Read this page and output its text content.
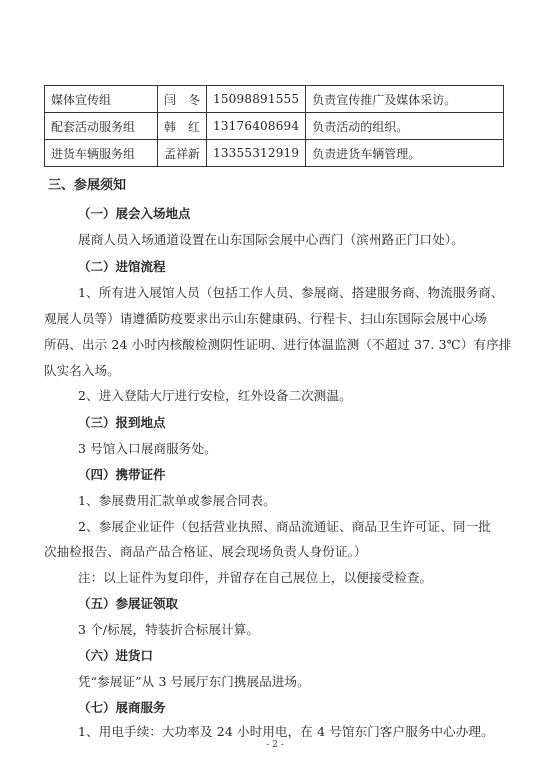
媒体宣传组	闫　冬	15098891555	负责宣传推广及媒体采访。
配套活动服务组	韩　红	13176408694	负责活动的组织。
进货车辆服务组	孟祥新	13355312919	负责进货车辆管理。
三、参展须知
（一）展会入场地点
展商人员入场通道设置在山东国际会展中心西门（滨州路正门口处）。
（二）进馆流程
1、所有进入展馆人员（包括工作人员、参展商、搭建服务商、物流服务商、
观展人员等）请遵循防疫要求出示山东健康码、行程卡、扫山东国际会展中心场
所码、出示 24 小时内核酸检测阴性证明、进行体温监测（不超过 37. 3℃）有序排
队实名入场。
2、进入登陆大厅进行安检，红外设备二次测温。
（三）报到地点
3 号馆入口展商服务处。
（四）携带证件
1、参展费用汇款单或参展合同表。
2、参展企业证件（包括营业执照、商品流通证、商品卫生许可证、同一批
次抽检报告、商品产品合格证、展会现场负责人身份证。）
注：以上证件为复印件，并留存在自己展位上，以便接受检查。
（五）参展证领取
3 个/标展，特装折合标展计算。
（六）进货口
凭“参展证”从 3 号展厅东门携展品进场。
（七）展商服务
1、用电手续：大功率及 24 小时用电，在 4 号馆东门客户服务中心办理。
- 2 -
